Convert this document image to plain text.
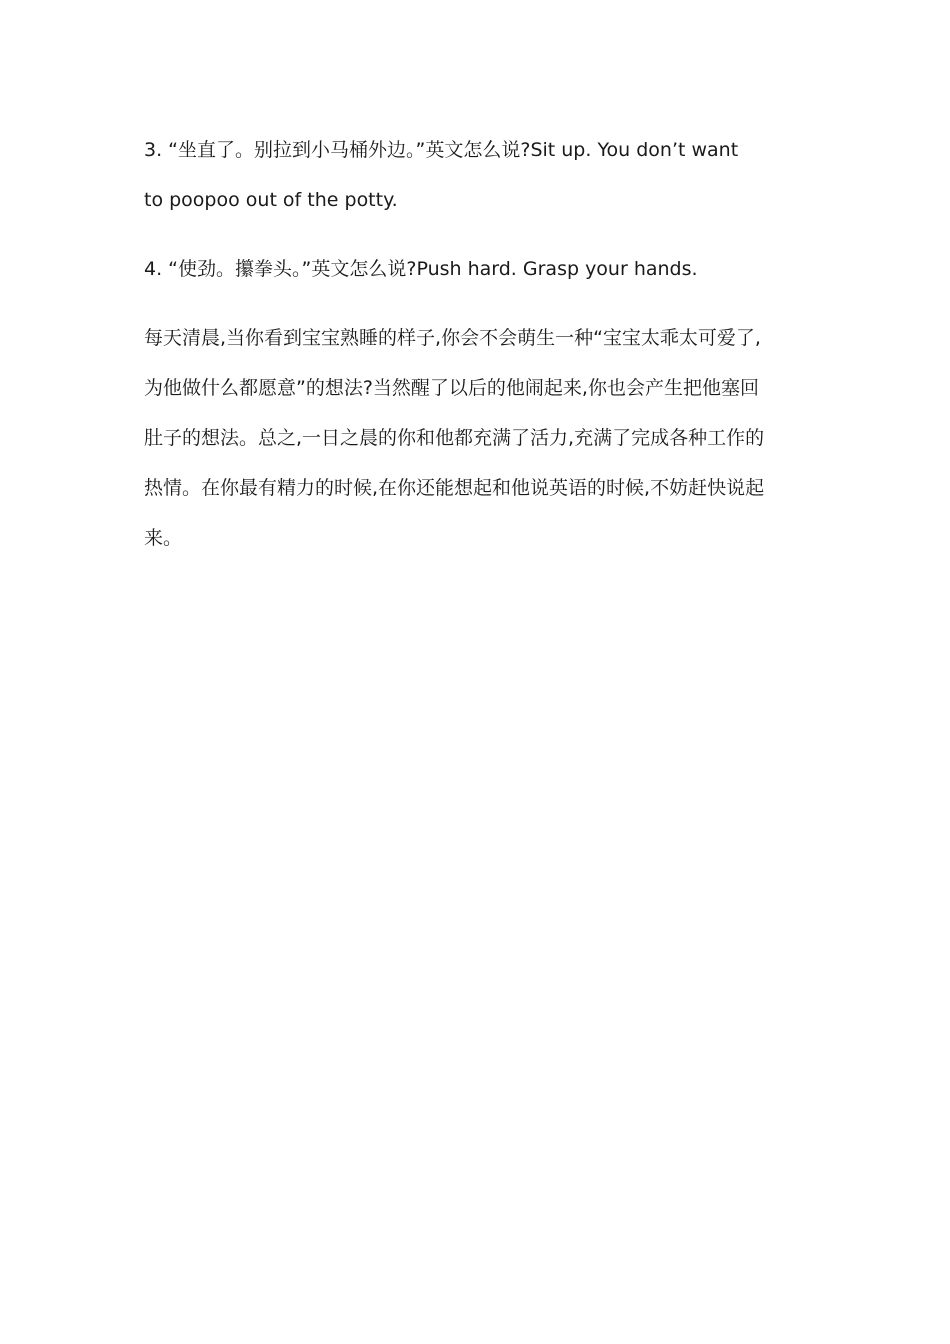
3. “坐直了。别拉到小马桶外边。”英文怎么说?Sit up. You don’t want
to poopoo out of the potty.
4. “使劲。攥拳头。”英文怎么说?Push hard. Grasp your hands.
每天清晨,当你看到宝宝熟睡的样子,你会不会萌生一种“宝宝太乖太可爱了,
为他做什么都愿意”的想法?当然醒了以后的他闹起来,你也会产生把他塞回
肚子的想法。总之,一日之晨的你和他都充满了活力,充满了完成各种工作的
热情。在你最有精力的时候,在你还能想起和他说英语的时候,不妨赶快说起
来。
